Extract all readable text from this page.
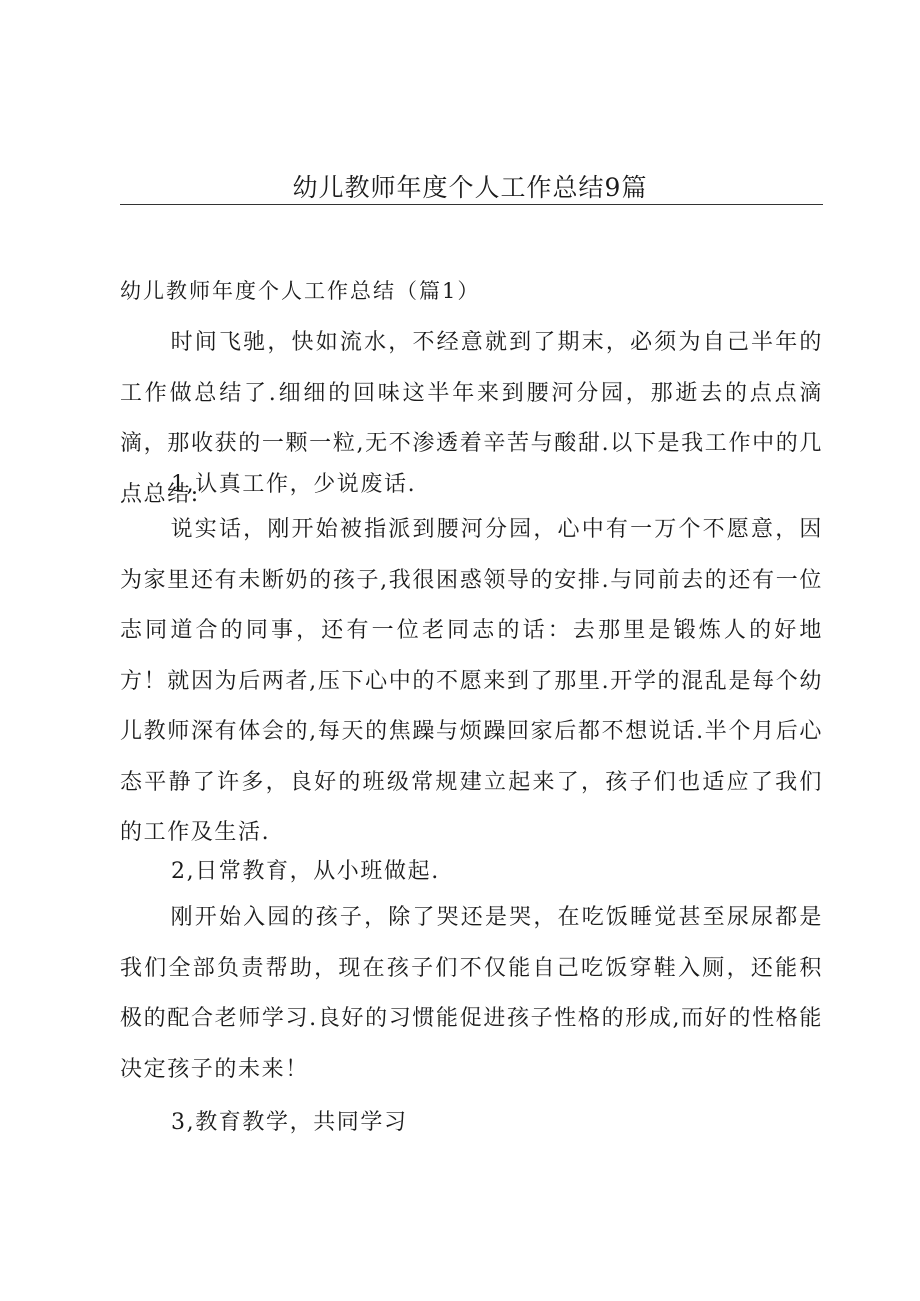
幼儿教师年度个人工作总结9篇
幼儿教师年度个人工作总结（篇1）

时间飞驰，快如流水，不经意就到了期末，必须为自己半年的工作做总结了.细细的回味这半年来到腰河分园，那逝去的点点滴滴，那收获的一颗一粒,无不渗透着辛苦与酸甜.以下是我工作中的几点总结:

1,认真工作，少说废话.

说实话，刚开始被指派到腰河分园，心中有一万个不愿意，因为家里还有未断奶的孩子,我很困惑领导的安排.与同前去的还有一位志同道合的同事，还有一位老同志的话：去那里是锻炼人的好地方！就因为后两者,压下心中的不愿来到了那里.开学的混乱是每个幼儿教师深有体会的,每天的焦躁与烦躁回家后都不想说话.半个月后心态平静了许多，良好的班级常规建立起来了，孩子们也适应了我们的工作及生活.

2,日常教育，从小班做起.

刚开始入园的孩子，除了哭还是哭，在吃饭睡觉甚至尿尿都是我们全部负责帮助，现在孩子们不仅能自己吃饭穿鞋入厕，还能积极的配合老师学习.良好的习惯能促进孩子性格的形成,而好的性格能决定孩子的未来！

3,教育教学，共同学习
